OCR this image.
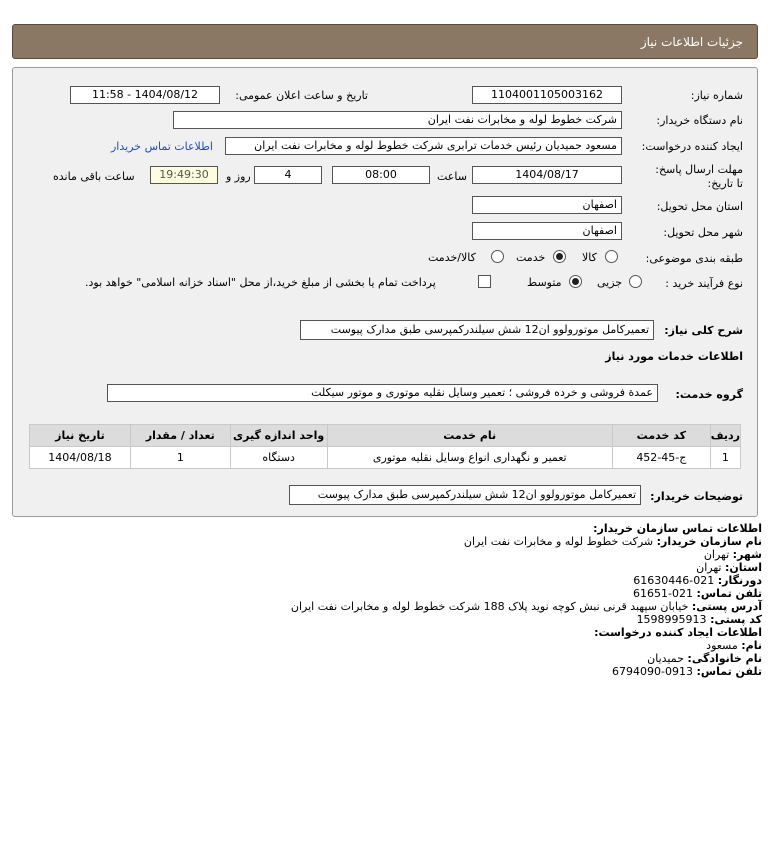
جزئیات اطلاعات نیاز
شماره نیاز:
1104001105003162
تاریخ و ساعت اعلان عمومی:
1404/08/12 - 11:58
نام دستگاه خریدار:
شرکت خطوط لوله و مخابرات نفت ایران
ایجاد کننده درخواست:
مسعود حمیدیان رئیس خدمات ترابری شرکت خطوط لوله و مخابرات نفت ایران
اطلاعات تماس خریدار
مهلت ارسال پاسخ: تا تاریخ:
1404/08/17
ساعت
08:00
4
روز و
19:49:30
ساعت باقی مانده
استان محل تحویل:
اصفهان
شهر محل تحویل:
اصفهان
طبقه بندی موضوعی:
کالا
خدمت
کالا/خدمت
نوع فرآیند خرید :
جزیی
متوسط
پرداخت تمام یا بخشی از مبلغ خرید،از محل "اسناد خزانه اسلامی" خواهد بود.
شرح کلی نیاز:
تعمیرکامل موتورولوو ان12 شش سیلندرکمپرسی طبق مدارک پیوست
اطلاعات خدمات مورد نیاز
گروه خدمت:
عمدة فروشی و خرده فروشی ؛ تعمیر وسایل نقلیه موتوری و موتور سیکلت
ردیف	کد خدمت	نام خدمت	واحد اندازه گیری	تعداد / مقدار	تاریخ نیاز
1	ج-45-452	تعمیر و نگهداری انواع وسایل نقلیه موتوری	دستگاه	1	1404/08/18
توضیحات خریدار:
تعمیرکامل موتورولوو ان12 شش سیلندرکمپرسی طبق مدارک پیوست
اطلاعات تماس سازمان خریدار:
نام سازمان خریدار: شرکت خطوط لوله و مخابرات نفت ایران
شهر: تهران
استان: تهران
دورنگار: 021-61630446
تلفن تماس: 021-61651
آدرس پستی: خیابان سپهبد قرنی نبش کوچه نوید پلاک 188 شرکت خطوط لوله و مخابرات نفت ایران
کد پستی: 1598995913
اطلاعات ایجاد کننده درخواست:
نام: مسعود
نام خانوادگی: حمیدیان
تلفن تماس: 0913-6794090
